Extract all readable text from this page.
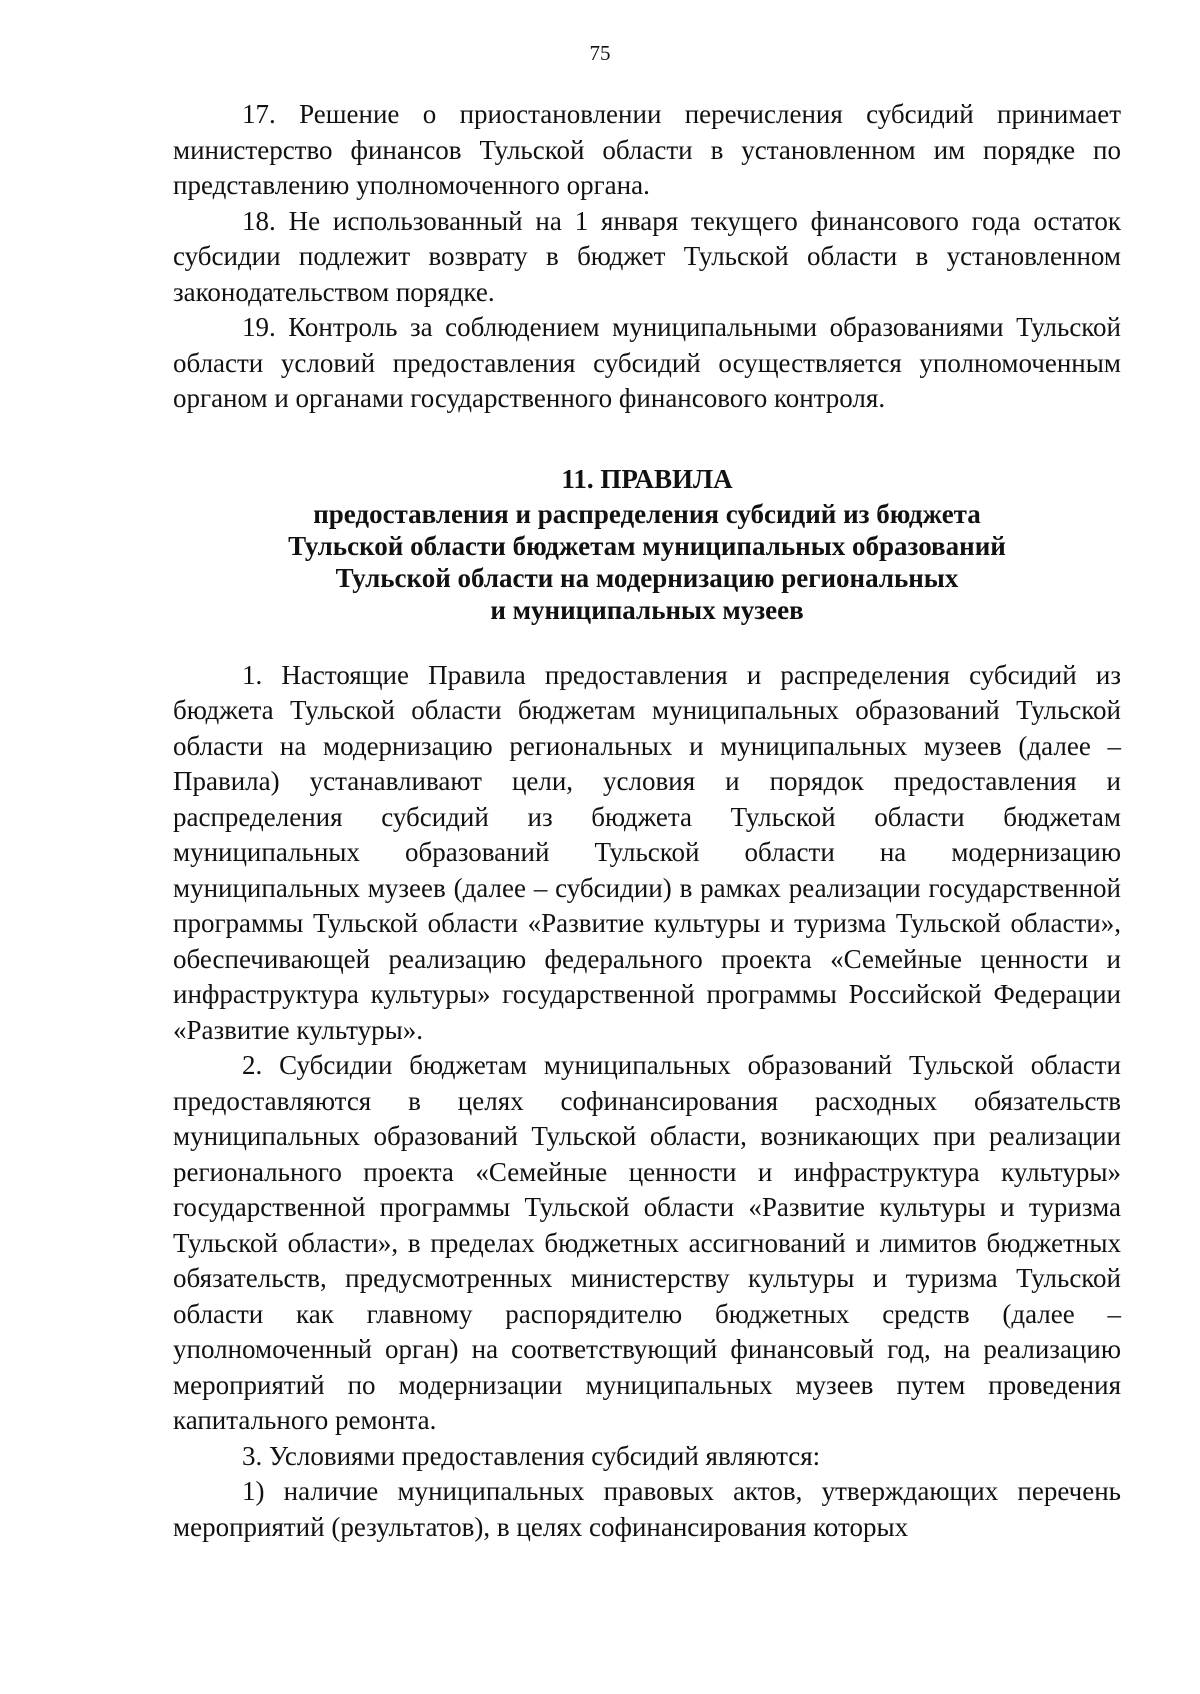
75

17. Решение о приостановлении перечисления субсидий принимает министерство финансов Тульской области в установленном им порядке по представлению уполномоченного органа.

18. Не использованный на 1 января текущего финансового года остаток субсидии подлежит возврату в бюджет Тульской области в установленном законодательством порядке.

19. Контроль за соблюдением муниципальными образованиями Тульской области условий предоставления субсидий осуществляется уполномоченным органом и органами государственного финансового контроля.

11. ПРАВИЛА
предоставления и распределения субсидий из бюджета
Тульской области бюджетам муниципальных образований
Тульской области на модернизацию региональных
и муниципальных музеев

1. Настоящие Правила предоставления и распределения субсидий из бюджета Тульской области бюджетам муниципальных образований Тульской области на модернизацию региональных и муниципальных музеев (далее – Правила) устанавливают цели, условия и порядок предоставления и распределения субсидий из бюджета Тульской области бюджетам муниципальных образований Тульской области на модернизацию муниципальных музеев (далее – субсидии) в рамках реализации государственной программы Тульской области «Развитие культуры и туризма Тульской области», обеспечивающей реализацию федерального проекта «Семейные ценности и инфраструктура культуры» государственной программы Российской Федерации «Развитие культуры».

2. Субсидии бюджетам муниципальных образований Тульской области предоставляются в целях софинансирования расходных обязательств муниципальных образований Тульской области, возникающих при реализации регионального проекта «Семейные ценности и инфраструктура культуры» государственной программы Тульской области «Развитие культуры и туризма Тульской области», в пределах бюджетных ассигнований и лимитов бюджетных обязательств, предусмотренных министерству культуры и туризма Тульской области как главному распорядителю бюджетных средств (далее – уполномоченный орган) на соответствующий финансовый год, на реализацию мероприятий по модернизации муниципальных музеев путем проведения капитального ремонта.

3. Условиями предоставления субсидий являются:

1) наличие муниципальных правовых актов, утверждающих перечень мероприятий (результатов), в целях софинансирования которых
